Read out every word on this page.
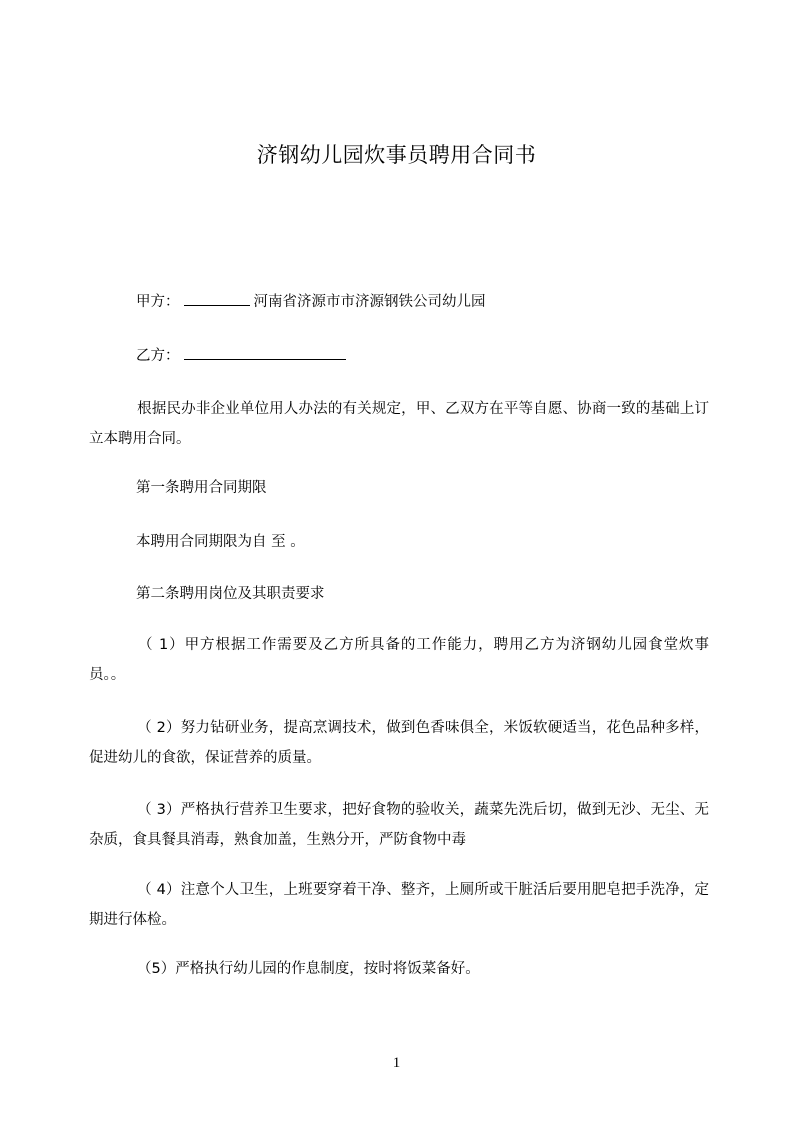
济钢幼儿园炊事员聘用合同书
甲方：	河南省济源市市济源钢铁公司幼儿园
乙方：
根据民办非企业单位用人办法的有关规定，甲、乙双方在平等自愿、协商一致的基础上订立本聘用合同。
第一条聘用合同期限
本聘用合同期限为自 至 。
第二条聘用岗位及其职责要求
（ 1）甲方根据工作需要及乙方所具备的工作能力，聘用乙方为济钢幼儿园食堂炊事员。。
（ 2）努力钻研业务，提高烹调技术，做到色香味俱全，米饭软硬适当，花色品种多样，促进幼儿的食欲，保证营养的质量。
（ 3）严格执行营养卫生要求，把好食物的验收关，蔬菜先洗后切，做到无沙、无尘、无杂质，食具餐具消毒，熟食加盖，生熟分开，严防食物中毒
（ 4）注意个人卫生，上班要穿着干净、整齐，上厕所或干脏活后要用肥皂把手洗净，定期进行体检。
（5）严格执行幼儿园的作息制度，按时将饭菜备好。
1
